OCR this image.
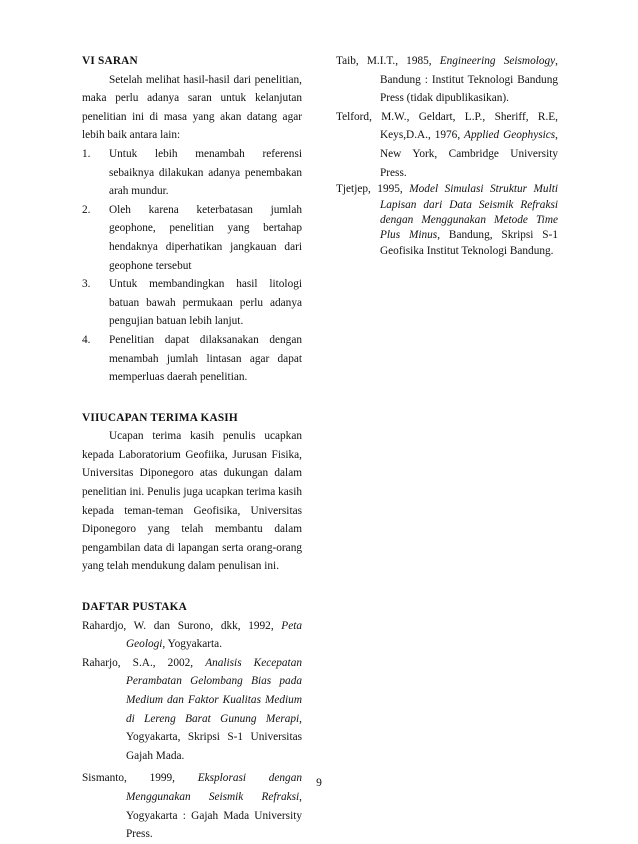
VI SARAN

Setelah melihat hasil-hasil dari penelitian, maka perlu adanya saran untuk kelanjutan penelitian ini di masa yang akan datang agar lebih baik antara lain:

1. Untuk lebih menambah referensi sebaiknya dilakukan adanya penembakan arah mundur.
2. Oleh karena keterbatasan jumlah geophone, penelitian yang bertahap hendaknya diperhatikan jangkauan dari geophone tersebut
3. Untuk membandingkan hasil litologi batuan bawah permukaan perlu adanya pengujian batuan lebih lanjut.
4. Penelitian dapat dilaksanakan dengan menambah jumlah lintasan agar dapat memperluas daerah penelitian.
VIIUCAPAN TERIMA KASIH

Ucapan terima kasih penulis ucapkan kepada Laboratorium Geofiika, Jurusan Fisika, Universitas Diponegoro atas dukungan dalam penelitian ini. Penulis juga ucapkan terima kasih kepada teman-teman Geofisika, Universitas Diponegoro yang telah membantu dalam pengambilan data di lapangan serta orang-orang yang telah mendukung dalam penulisan ini.

DAFTAR PUSTAKA

Rahardjo, W. dan Surono, dkk, 1992, Peta Geologi, Yogyakarta.

Raharjo, S.A., 2002, Analisis Kecepatan Perambatan Gelombang Bias pada Medium dan Faktor Kualitas Medium di Lereng Barat Gunung Merapi, Yogyakarta, Skripsi S-1 Universitas Gajah Mada.

Sismanto, 1999, Eksplorasi dengan Menggunakan Seismik Refraksi, Yogyakarta : Gajah Mada University Press.

Taib, M.I.T., 1985, Engineering Seismology, Bandung : Institut Teknologi Bandung Press (tidak dipublikasikan).

Telford, M.W., Geldart, L.P., Sheriff, R.E, Keys,D.A., 1976, Applied Geophysics, New York, Cambridge University Press.

Tjetjep, 1995, Model Simulasi Struktur Multi Lapisan dari Data Seismik Refraksi dengan Menggunakan Metode Time Plus Minus, Bandung, Skripsi S-1 Geofisika Institut Teknologi Bandung.

9
